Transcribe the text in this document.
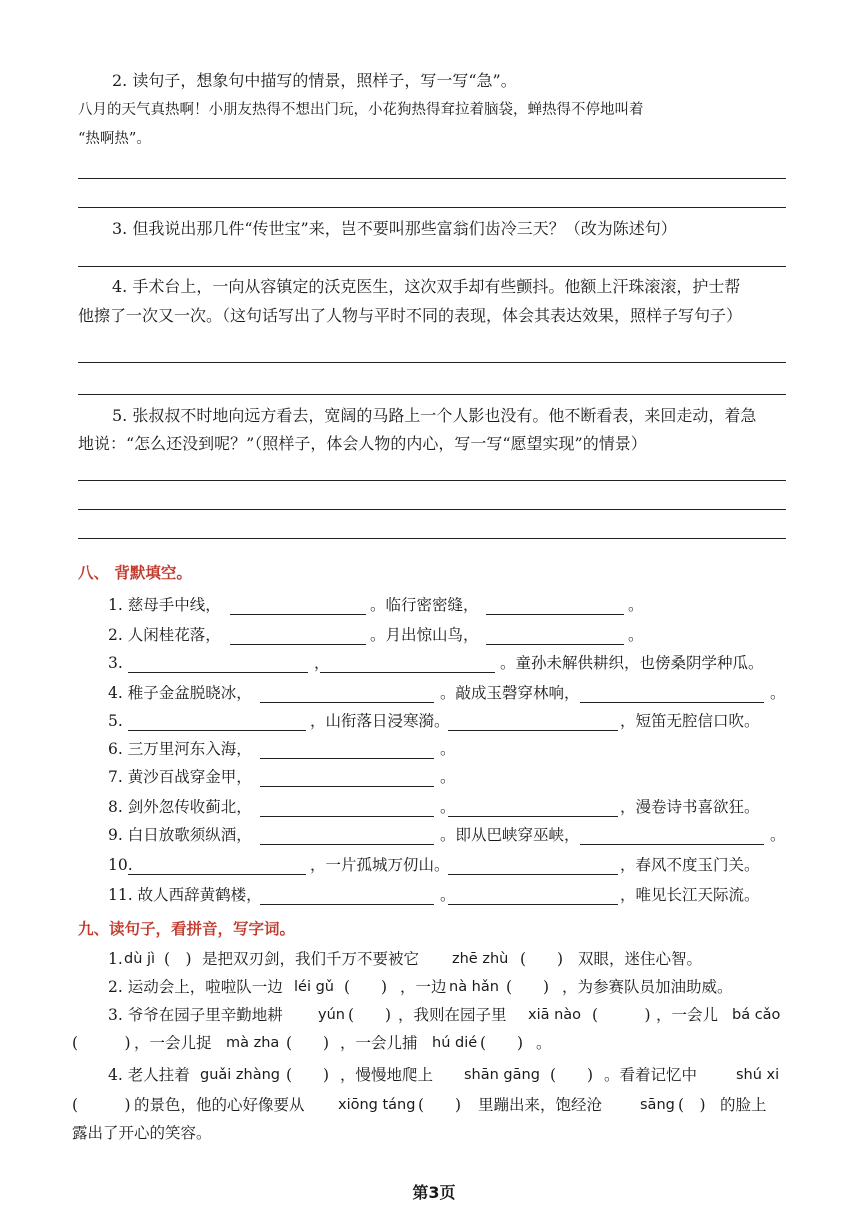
2. 读句子，想象句中描写的情景，照样子，写一写“急”。
八月的天气真热啊！小朋友热得不想出门玩，小花狗热得耷拉着脑袋，蝉热得不停地叫着
“热啊热”。
3. 但我说出那几件“传世宝”来，岂不要叫那些富翁们齿冷三天？（改为陈述句）
4. 手术台上，一向从容镇定的沃克医生，这次双手却有些颤抖。他额上汗珠滚滚，护士帮
他擦了一次又一次。（这句话写出了人物与平时不同的表现，体会其表达效果，照样子写句子）
5. 张叔叔不时地向远方看去，宽阔的马路上一个人影也没有。他不断看表，来回走动，着急
地说：“怎么还没到呢？”（照样子，体会人物的内心，写一写“愿望实现”的情景）
八、 背默填空。
1. 慈母手中线，	。临行密密缝，	。
2. 人闲桂花落，	。月出惊山鸟，	。
3.	，	。童孙未解供耕织，也傍桑阴学种瓜。
4. 稚子金盆脱晓冰，	。敲成玉磬穿林响，	。
5.	，山衔落日浸寒漪。	，短笛无腔信口吹。
6. 三万里河东入海，	。
7. 黄沙百战穿金甲，	。
8. 剑外忽传收蓟北，	。	，漫卷诗书喜欲狂。
9. 白日放歌须纵酒，	。即从巴峡穿巫峡，	。
10.	，一片孤城万仞山。	，春风不度玉门关。
11. 故人西辞黄鹤楼，	。	，唯见长江天际流。
九、读句子，看拼音，写字词。
1. dù jì (　) 是把双刃剑，我们千万不要被它 zhē zhù (　　) 双眼，迷住心智。
2. 运动会上，啦啦队一边 léi gǔ (　　) ，一边 nà hǎn (　　) ，为参赛队员加油助威。
3. 爷爷在园子里辛勤地耕 yún (　　) ，我则在园子里 xiā nào (　　　) ，一会儿 bá cǎo
(　　　) ，一会儿捉 mà zha (　　) ，一会儿捕 hú dié (　　) 。
4. 老人拄着 guǎi zhàng (　　) ，慢慢地爬上 shān gāng (　　) 。看着记忆中	shú xi
(　　　) 的景色，他的心好像要从 xiōng táng (　　) 里蹦出来，饱经沧	sāng (　) 的脸上
露出了开心的笑容。
第3页
